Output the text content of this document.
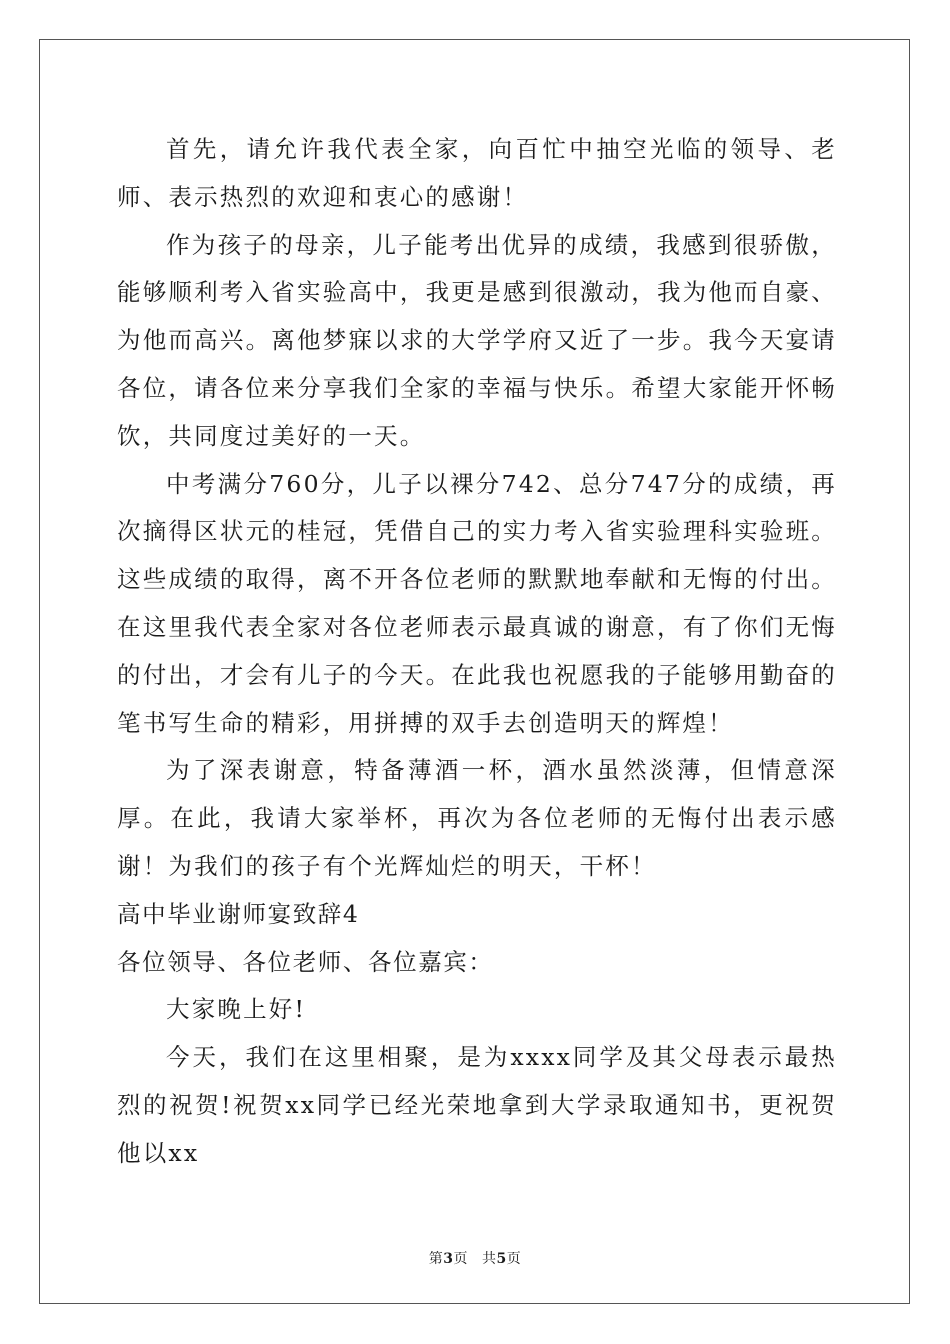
首先，请允许我代表全家，向百忙中抽空光临的领导、老师、表示热烈的欢迎和衷心的感谢！

作为孩子的母亲，儿子能考出优异的成绩，我感到很骄傲，能够顺利考入省实验高中，我更是感到很激动，我为他而自豪、为他而高兴。离他梦寐以求的大学学府又近了一步。我今天宴请各位，请各位来分享我们全家的幸福与快乐。希望大家能开怀畅饮，共同度过美好的一天。

中考满分760分，儿子以裸分742、总分747分的成绩，再次摘得区状元的桂冠，凭借自己的实力考入省实验理科实验班。这些成绩的取得，离不开各位老师的默默地奉献和无悔的付出。在这里我代表全家对各位老师表示最真诚的谢意，有了你们无悔的付出，才会有儿子的今天。在此我也祝愿我的子能够用勤奋的笔书写生命的精彩，用拼搏的双手去创造明天的辉煌！

为了深表谢意，特备薄酒一杯，酒水虽然淡薄，但情意深厚。在此，我请大家举杯，再次为各位老师的无悔付出表示感谢！为我们的孩子有个光辉灿烂的明天，干杯！

高中毕业谢师宴致辞4

各位领导、各位老师、各位嘉宾：

大家晚上好!

今天，我们在这里相聚，是为xxxx同学及其父母表示最热烈的祝贺!祝贺xx同学已经光荣地拿到大学录取通知书，更祝贺他以xx

第3页 共5页
